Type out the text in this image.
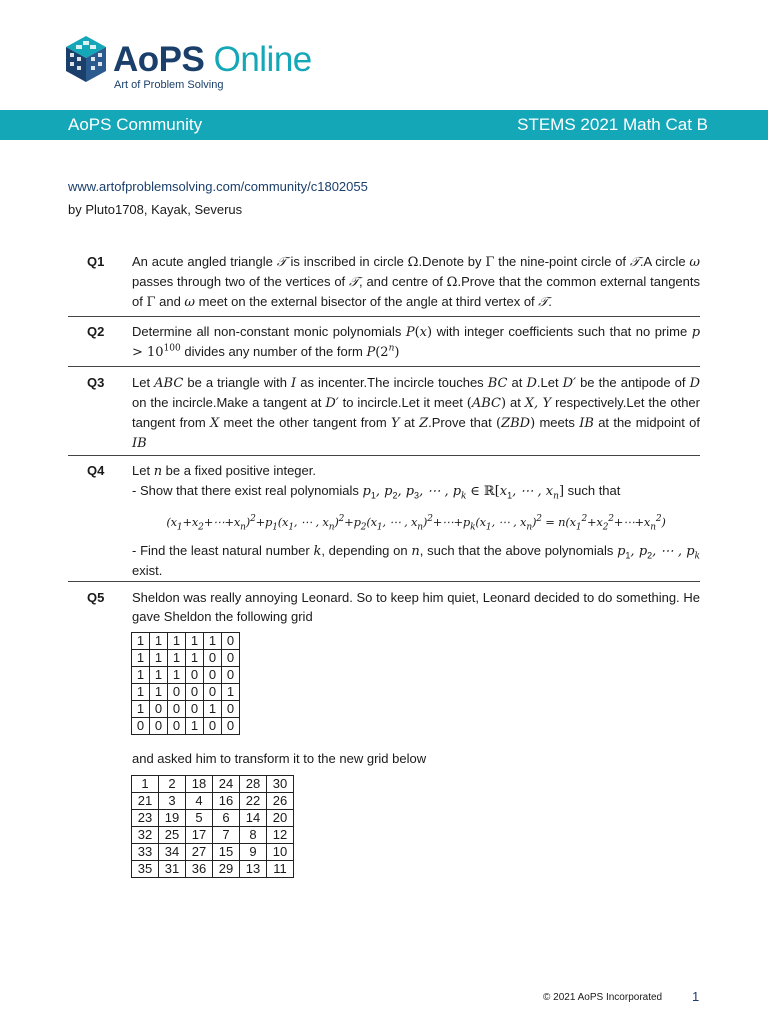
AoPS Online
Art of Problem Solving
AoPS Community	STEMS 2021 Math Cat B
www.artofproblemsolving.com/community/c1802055
by Pluto1708, Kayak, Severus
Q1 An acute angled triangle 𝒯 is inscribed in circle Ω.Denote by Γ the nine-point circle of 𝒯.A circle ω passes through two of the vertices of 𝒯, and centre of Ω.Prove that the common external tangents of Γ and ω meet on the external bisector of the angle at third vertex of 𝒯.
Q2 Determine all non-constant monic polynomials P(x) with integer coefficients such that no prime $p > 10^{100}$ divides any number of the form P(2$^n$)
Q3 Let ABC be a triangle with I as incenter.The incircle touches BC at D.Let D′ be the antipode of D on the incircle.Make a tangent at D′ to incircle.Let it meet (ABC) at X, Y respectively.Let the other tangent from X meet the other tangent from Y at Z.Prove that (ZBD) meets IB at the midpoint of IB
Q4 Let n be a fixed positive integer.
- Show that there exist real polynomials $p_1$, $p_2$, $p_3$, ⋯ , $p_k$ ∈ $ℝ[x_1$, ⋯ , $x_n$] such that
$(x_1+x_2+\cdots+x_n)^2+p_1(x_1$, ⋯ , $x_n)^2+p_2(x_1$, ⋯ , $x_n)^2+\cdots+p_k(x_1$, ⋯ , $x_n)^2$ = $n(x_1^2+x_2^2+\cdots+x_n^2)$
- Find the least natural number k, depending on n, such that the above polynomials $p_1$, $p_2$, ⋯ , $p_k$ exist.
Q5 Sheldon was really annoying Leonard. So to keep him quiet, Leonard decided to do something. He gave Sheldon the following grid
1	1	1	1	1	0
1	1	1	1	0	0
1	1	1	0	0	0
1	1	0	0	0	1
1	0	0	0	1	0
0	0	0	1	0	0
and asked him to transform it to the new grid below
1	2	18	24	28	30
21	3	4	16	22	26
23	19	5	6	14	20
32	25	17	7	8	12
33	34	27	15	9	10
35	31	36	29	13	11
© 2021 AoPS Incorporated 1
